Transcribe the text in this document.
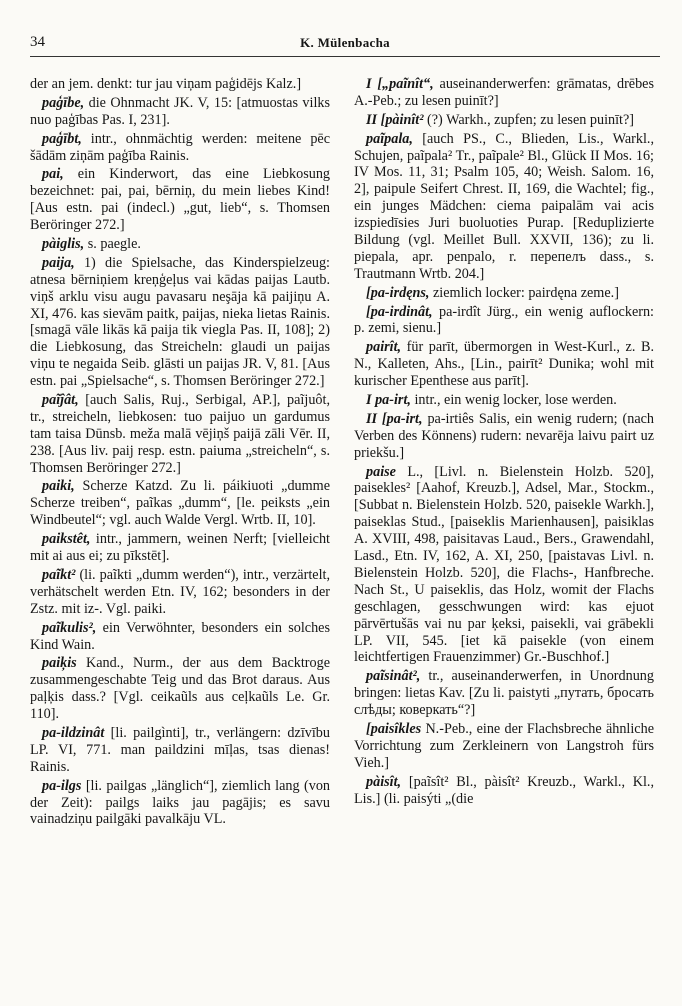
34	K. Mülenbacha

der an jem. denkt: tur jau viņam paģidējs Kalz.]

paģībe, die Ohnmacht JK. V, 15: [atmuostas vilks nuo paģības Pas. I, 231].

paģībt, intr., ohnmächtig werden: meitene pēc šādām ziņām paģība Rainis.

pai, ein Kinderwort, das eine Liebkosung bezeichnet: pai, pai, bērniņ, du mein liebes Kind! [Aus estn. pai (indecl.) „gut, lieb“, s. Thomsen Beröringer 272.]

pàiglis, s. paegle.

paija, 1) die Spielsache, das Kinderspielzeug: atnesa bērniņiem kreņģeļus vai kādas paijas Lautb. viņš arklu visu augu pavasaru neşāja kā paijiņu A. XI, 476. kas sievām paitk, paijas, nieka lietas Rainis. [smagā vāle likās kā paija tik viegla Pas. II, 108]; 2) die Liebkosung, das Streicheln: glaudi un paijas viņu te negaida Seib. glāsti un paijas JR. V, 81. [Aus estn. pai „Spielsache“, s. Thomsen Beröringer 272.]

paĩĵât, [auch Salis, Ruj., Serbigal, AP.], paĩjuôt, tr., streicheln, liebkosen: tuo paijuo un gardumus tam taisa Dūnsb. meža malā vējiņš paijā zāli Vēr. II, 238. [Aus liv. paij resp. estn. paiuma „streicheln“, s. Thomsen Beröringer 272.]

paiki, Scherze Katzd. Zu li. páikiuoti „dumme Scherze treiben“, paĩkas „dumm“, [le. peiksts „ein Windbeutel“; vgl. auch Walde Vergl. Wrtb. II, 10].

paikstêt, intr., jammern, weinen Nerft; [vielleicht mit ai aus ei; zu pīkstēt].

paĩkt² (li. paĩkti „dumm werden“), intr., verzärtelt, verhätschelt werden Etn. IV, 162; besonders in der Zstz. mit iz-. Vgl. paiki.

paĩkulis², ein Verwöhnter, besonders ein solches Kind Wain.

paiķis Kand., Nurm., der aus dem Backtroge zusammengeschabte Teig und das Brot daraus. Aus paļķis dass.? [Vgl. ceikaũls aus ceļkaũls Le. Gr. 110].

pa-ildzinât [li. pailgìnti], tr., verlängern: dzīvību LP. VI, 771. man paildzini mīļas, tsas dienas! Rainis.

pa-ilgs [li. pailgas „länglich“], ziemlich lang (von der Zeit): pailgs laiks jau pagājis; es savu vainadziņu pailgāki pavalkāju VL.

I [„paĩnît“, auseinanderwerfen: grāmatas, drēbes A.-Peb.; zu lesen puinīt?]

II [pàinît² (?) Warkh., zupfen; zu lesen puinīt?]

paĩpala, [auch PS., C., Blieden, Lis., Warkl., Schujen, paĩpala² Tr., paĩpale² Bl., Glück II Mos. 16; IV Mos. 11, 31; Psalm 105, 40; Weish. Salom. 16, 2], paipule Seifert Chrest. II, 169, die Wachtel; fig., ein junges Mädchen: ciema paipalām vai acis izspiedīsies Juri buoluoties Purap. [Reduplizierte Bildung (vgl. Meillet Bull. XXVII, 136); zu li. piepala, apr. penpalo, r. перепелъ dass., s. Trautmann Wrtb. 204.]

[pa-irdęns, ziemlich locker: pairdęna zeme.]

[pa-irdinât, pa-irdît Jürg., ein wenig auflockern: p. zemi, sienu.]

pairît, für parīt, übermorgen in West-Kurl., z. B. N., Kalleten, Ahs., [Lin., pairīt² Dunika; wohl mit kurischer Epenthese aus parīt].

I pa-irt, intr., ein wenig locker, lose werden.

II [pa-irt, pa-irtiês Salis, ein wenig rudern; (nach Verben des Könnens) rudern: nevarēja laivu pairt uz priekšu.]

paise L., [Livl. n. Bielenstein Holzb. 520], paisekles² [Aahof, Kreuzb.], Adsel, Mar., Stockm., [Subbat n. Bielenstein Holzb. 520, paisekle Warkh.], paiseklas Stud., [paiseklis Marienhausen], paisiklas A. XVIII, 498, paisitavas Laud., Bers., Grawendahl, Lasd., Etn. IV, 162, A. XI, 250, [paistavas Livl. n. Bielenstein Holzb. 520], die Flachs-, Hanfbreche. Nach St., U paiseklis, das Holz, womit der Flachs geschlagen, gesschwungen wird: kas ejuot pārvērtušās vai nu par ķeksi, paisekli, vai grābekli LP. VII, 545. [iet kā paisekle (von einem leichtfertigen Frauenzimmer) Gr.-Buschhof.]

paĩsinât², tr., auseinanderwerfen, in Unordnung bringen: lietas Kav. [Zu li. paistyti „путать, бросать слѣды; коверкать“?]

[paisîkles N.-Peb., eine der Flachsbreche ähnliche Vorrichtung zum Zerkleinern von Langstroh fürs Vieh.]

pàisît, [paĩsît² Bl., pàisît² Kreuzb., Warkl., Kl., Lis.] (li. paisýti „(die
